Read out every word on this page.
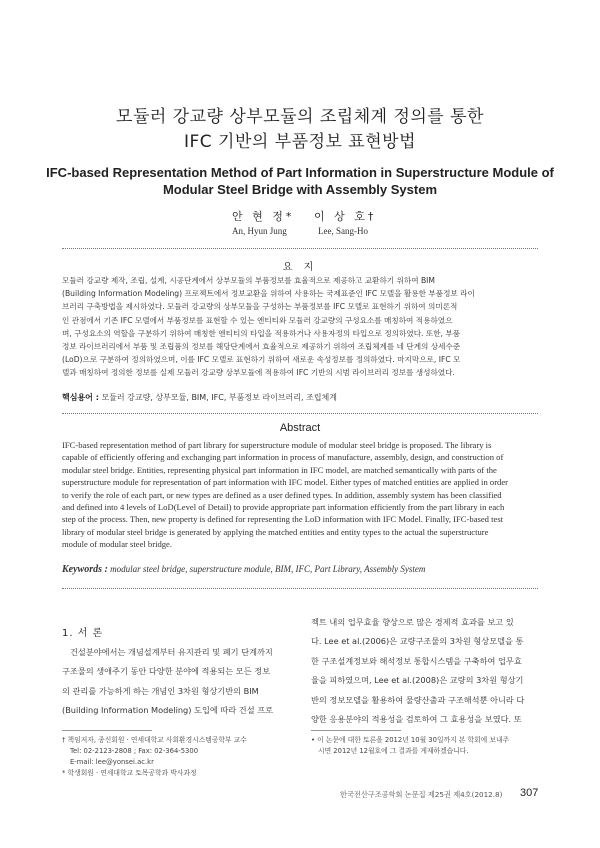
모듈러 강교량 상부모듈의 조립체계 정의를 통한
IFC 기반의 부품정보 표현방법
IFC-based Representation Method of Part Information in Superstructure Module of
Modular Steel Bridge with Assembly System
안 현 정*
An, Hyun Jung
이 상 호†
Lee, Sang-Ho
요 지
모듈러 강교량 제작, 조립, 설계, 시공단계에서 상부모듈의 부품정보를 효율적으로 제공하고 교환하기 위하여 BIM
(Building Information Modeling) 프로젝트에서 정보교환을 위하여 사용하는 국제표준인 IFC 모델을 활용한 부품정보 라이
브러리 구축방법을 제시하였다. 모듈러 강교량의 상부모듈을 구성하는 부품정보를 IFC 모델로 표현하기 위하여 의미론적
인 관점에서 기존 IFC 모델에서 부품정보를 표현할 수 있는 엔티티와 모듈러 강교량의 구성요소를 매칭하여 적용하였으
며, 구성요소의 역할을 구분하기 위하여 매칭한 엔티티의 타입을 적용하거나 사용자정의 타입으로 정의하였다. 또한, 부품
정보 라이브러리에서 부품 및 조립품의 정보를 해당단계에서 효율적으로 제공하기 위하여 조립체계를 네 단계의 상세수준
(LoD)으로 구분하여 정의하였으며, 이를 IFC 모델로 표현하기 위하여 새로운 속성정보를 정의하였다. 마지막으로, IFC 모
델과 매칭하여 정의한 정보를 실제 모듈러 강교량 상부모듈에 적용하여 IFC 기반의 시범 라이브러리 정보를 생성하였다.
핵심용어 : 모듈러 강교량, 상부모듈, BIM, IFC, 부품정보 라이브러리, 조립체계
Abstract
IFC-based representation method of part library for superstructure module of modular steel bridge is proposed. The library is
capable of efficiently offering and exchanging part information in process of manufacture, assembly, design, and construction of
modular steel bridge. Entities, representing physical part information in IFC model, are matched semantically with parts of the
superstructure module for representation of part information with IFC model. Either types of matched entities are applied in order
to verify the role of each part, or new types are defined as a user defined types. In addition, assembly system has been classified
and defined into 4 levels of LoD(Level of Detail) to provide appropriate part information efficiently from the part library in each
step of the process. Then, new property is defined for representing the LoD information with IFC Model. Finally, IFC-based test
library of modular steel bridge is generated by applying the matched entities and entity types to the actual the superstructure
module of modular steel bridge.
Keywords : modular steel bridge, superstructure module, BIM, IFC, Part Library, Assembly System
1. 서 론
건설분야에서는 개념설계부터 유지관리 및 폐기 단계까지
구조물의 생애주기 동안 다양한 분야에 적용되는 모든 정보
의 관리를 가능하게 하는 개념인 3차원 형상기반의 BIM
(Building Information Modeling) 도입에 따라 건설 프로
젝트 내의 업무효율 향상으로 많은 경제적 효과를 보고 있
다. Lee et al.(2006)은 교량구조물의 3차원 형상모델을 통
한 구조설계정보와 해석정보 통합시스템을 구축하여 업무효
율을 피하였으며, Lee et al.(2008)은 교량의 3차원 형상기
반의 정보모델을 활용하여 물량산출과 구조해석뿐 아니라 다
양한 응용분야의 적용성을 검토하여 그 효용성을 보였다. 또
† 책임저자, 종신회원 · 연세대학교 사회환경시스템공학부 교수
Tel: 02-2123-2808 ; Fax: 02-364-5300
E-mail: lee@yonsei.ac.kr
* 학생회원 · 연세대학교 토목공학과 박사과정
• 이 논문에 대한 토론을 2012년 10월 30일까지 본 학회에 보내주
시면 2012년 12월호에 그 결과를 게재하겠습니다.
한국전산구조공학회 논문집 제25권 제4호(2012.8) 307
